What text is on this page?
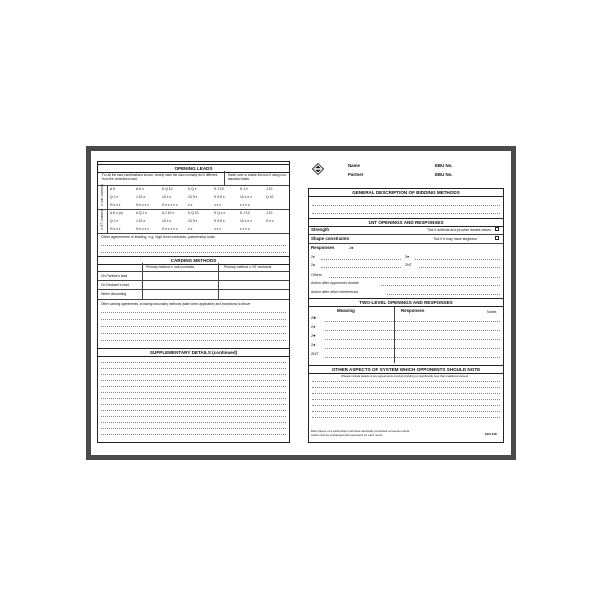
OPENING LEADS
For all the card combinations shown, clearly mark the card normally led if different from the underlined card.
Hatch over or shade this box if using non-standard leads
v. suit contracts
v. NT contracts
Other agreements in leading, e.g. high level contracts, partnership suits:
CARDING METHODS
Primary method v. suit contracts	Primary method v. NT contracts
On Partner's lead
On Declarer's lead
When discarding
Other carding agreements, including secondary methods (state when applicable) and exceptions to above
SUPPLEMENTARY DETAILS (continued)
A K	A K x	K Q 10	K Q x	K J 10	K J x	J 10
Q J x	J 10 x	10 x x	10 9 x	K 9 8 x	10 x x x	Q 10
H x x x	H x x x x	H x x x x x	x x	x x x	x x x x
A K x (x)	A Q J x	A J 10 x	K Q 10	K Q x x	K J 10	J 10
Q J x	J 10 x	10 x x	10 9 x	K 9 8 x	10 x x x	H x x
H x x x	H x x x x	H x x x x x	x x	x x x	x x x x
Name
Partner
EBU No.
EBU No.
GENERAL DESCRIPTION OF BIDDING METHODS
1NT OPENINGS AND RESPONSES
Strength	Tick if artificial and provide details below
Shape constraints	Tick if it may have singleton
Responses	2♣
2♦	2♥
2♠	2NT
Others
Action after opponents double
Action after other interference
TWO-LEVEL OPENINGS AND RESPONSES
Meaning	Responses	Notes
OTHER ASPECTS OF SYSTEM WHICH OPPONENTS SHOULD NOTE
(Please include details of any agreements involving bidding on significantly less than traditional values)
Both players of a partnership must have identically completed convention cards.
Cards must be exchanged with opponents for each round.	EBU 20B
2♣
2♦
2♥
2♠
2NT
